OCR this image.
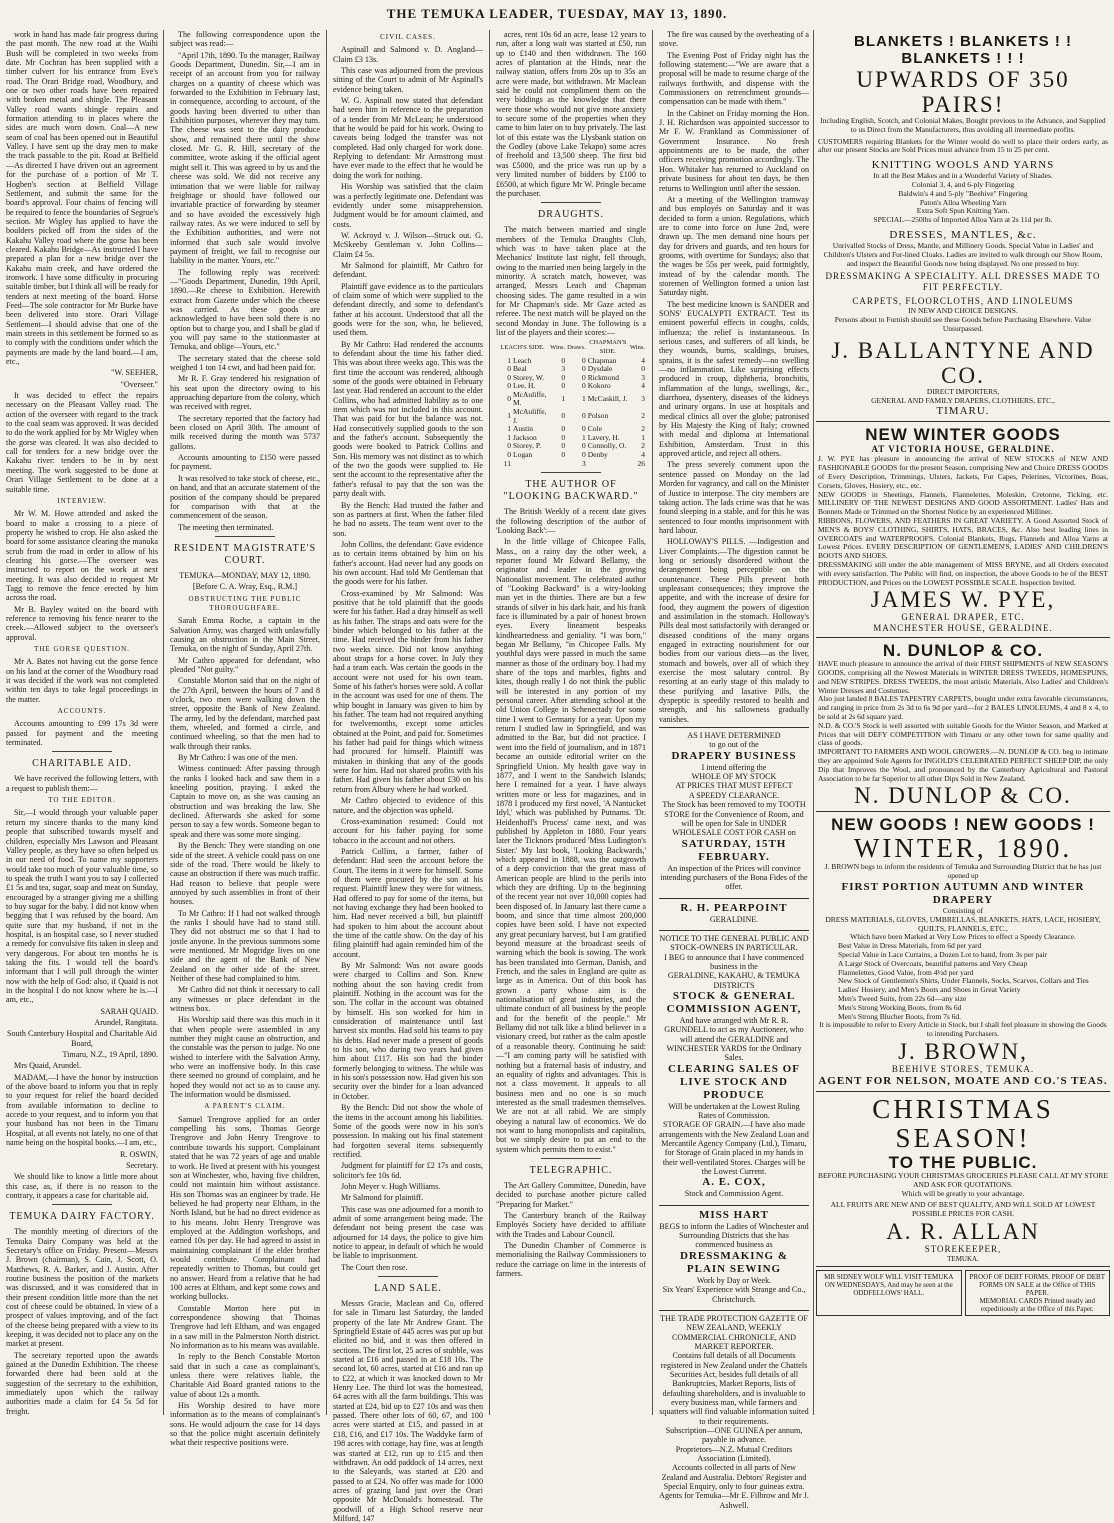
THE TEMUKA LEADER, TUESDAY, MAY 13, 1890.

work in hand has made fair progress during the past month. The new road at the Waihi Bush will be completed in two weeks from date. Mr Cochran has been supplied with a timber culvert for his entrance from Eve's road. The Orari Bridge road, Woodbury, and one or two other roads have been repaired with broken metal and shingle. The Pleasant Valley road wants shingle repairs and formation attending to in places where the sides are much worn down. Coal—A new seam of coal has been opened out in Beautiful Valley. I have sent up the dray men to make the track passable to the pit. Road at Belfield—As directed I have driven out an agreement for the purchase of a portion of Mr T. Hogben's section at Belfield Village Settlement, and submit the same for the board's approval. Four chains of fencing will be required to fence the boundaries of Segrue's section. Mr Wigley has applied to have the boulders picked off from the sides of the Kakahu Valley road where the gorse has been cleared. Kakahu Bridge—As instructed I have prepared a plan for a new bridge over the Kakahu main creek, and have ordered the ironwork. I have some difficulty in procuring suitable timber, but I think all will be ready for tenders at next meeting of the board. Horse Feed—The sole contractor for Mr Burke have been delivered into store. Orari Village Settlement—I should advise that one of the main streets in this settlement be formed so as to comply with the conditions under which the payments are made by the land board.—I am, etc.,

"W. SEEHER,

"Overseer."

It was decided to effect the repairs necessary on the Pleasant Valley road. The action of the overseer with regard to the track to the coal seam was approved. It was decided to do the work applied for by Mr Wigley when the gorse was cleared. It was also decided to call for tenders for a new bridge over the Kakahu river: tenders to be in by next meeting. The work suggested to be done at Orari Village Settlement to be done at a suitable time.

INTERVIEW.

Mr W. M. Howe attended and asked the board to make a crossing to a piece of property he wished to crop. He also asked the board for some assistance clearing the manuka scrub from the road in order to allow of his clearing his gorse.—The overseer was instructed to report on the work at next meeting. It was also decided to request Mr Tagg to remove the fence erected by him across the road.

Mr B. Bayley waited on the board with reference to removing his fence nearer to the creek.—Allowed subject to the overseer's approval.

THE GORSE QUESTION.

Mr A. Bates not having cut the gorse fence on his land at the corner of the Woodbury road it was decided if the work was not completed within ten days to take legal proceedings in the matter.

ACCOUNTS.

Accounts amounting to £99 17s 3d were passed for payment and the meeting terminated.

CHARITABLE AID.

We have received the following letters, with a request to publish them:—

TO THE EDITOR.

Sir,—I would through your valuable paper return my sincere thanks to the many kind people that subscribed towards myself and children, especially Mrs Lawson and Pleasant Valley people, as they have so often helped us in our need of food. To name my supporters would take too much of your valuable time, so to speak the truth I want you to say I collected £1 5s and tea, sugar, soap and meat on Sunday, encouraged by a stranger giving me a shilling to buy sugar for the baby. I did not know when begging that I was refused by the board. Am quite sure that my husband, if not in the hospital, is an hospital case, so I never studied a remedy for convulsive fits taken in sleep and very dangerous. For about ten months he is taking the fits. I would tell the board's informant that I will pull through the winter now with the help of God: also, if Quaid is not in the hospital I do not know where he is.—I am, etc.,

SARAH QUAID.

Arundel, Rangitata.

South Canterbury Hospital and Charitable Aid Board,

Timaru, N.Z., 19 April, 1890.

Mrs Quaid, Arundel.

MADAM,—I have the honor by instruction of the above board to inform you that in reply to your request for relief the board decided from available information to decline to accede to your request, and to inform you that your husband has not been in the Timaru Hospital, at all events not lately, no one of that name being on the hospital books.—I am, etc.,

R. OSWIN,

Secretary.

We should like to know a little more about this case, as, if there is no reason to the contrary, it appears a case for charitable aid.

TEMUKA DAIRY FACTORY.

The monthly meeting of directors of the Temuka Dairy Company was held at the Secretary's office on Friday. Present—Messrs J. Brown (chairman), S. Cain, J. Scott, O. Matthews, R. A. Barker, and J. Austin. After routine business the position of the markets was discussed, and it was considered that in their present condition little more than the net cost of cheese could be obtained. In view of a prospect of values improving, and of the fact of the cheese being prepared with a view to its keeping, it was decided not to place any on the market at present.

The secretary reported upon the awards gained at the Dunedin Exhibition. The cheese forwarded there had been sold at the suggestion of the secretary to the exhibition, immediately upon which the railway authorities made a claim for £4 5s 5d for freight.

The following correspondence upon the subject was read:—

"April 17th, 1890. To the manager, Railway Goods Department, Dunedin. Sir,—I am in receipt of an account from you for railway charges on a quantity of cheese which was forwarded to the Exhibition in February last, in consequence, according to account, of the goods having been diverted to other than Exhibition purposes, wherever they may turn. The cheese was sent to the dairy produce show, and remained there until the show closed. Mr G. R. Hill, secretary of the committee, wrote asking if the official agent might sell it. This was agreed to by us and the cheese was sold. We did not receive any intimation that we were liable for railway freightage or should have followed our invariable practice of forwarding by steamer and so have avoided the excessively high railway rates. As we were induced to sell by the Exhibition authorities, and were not informed that such sale would involve payment of freight, we fail to recognise our liability in the matter. Yours, etc."

The following reply was received:—"Goods Department, Dunedin, 19th April, 1890.—Re cheese to Exhibition. Herewith extract from Gazette under which the cheese was carried. As these goods are acknowledged to have been sold there is no option but to charge you, and I shall be glad if you will pay same to the stationmaster at Temuka, and oblige—Yours, etc."

The secretary stated that the cheese sold weighed 1 ton 14 cwt, and had been paid for.

Mr R. F. Gray tendered his resignation of his seat upon the directory owing to his approaching departure from the colony, which was received with regret.

The secretary reported that the factory had been closed on April 30th. The amount of milk received during the month was 5737 gallons.

Accounts amounting to £150 were passed for payment.

It was resolved to take stock of cheese, etc., on hand, and that an accurate statement of the position of the company should be prepared for comparison with that at the commencement of the season.

The meeting then terminated.

RESIDENT MAGISTRATE'S COURT.

TEMUKA—MONDAY, MAY 12, 1890.

[Before C. A. Wray, Esq., R.M.]

OBSTRUCTING THE PUBLIC THOROUGHFARE.

Sarah Emma Roche, a captain in the Salvation Army, was charged with unlawfully causing an obstruction in the Main Street, Temuka, on the night of Sunday, April 27th.

Mr Cathro appeared for defendant, who pleaded "Not guilty."

Constable Morton said that on the night of the 27th April, between the hours of 7 and 8 o'clock, two men were walking down the street, opposite the Bank of New Zealand. The army, led by the defendant, marched past them, wheeled, and formed a circle, and continued wheeling, so that the men had to walk through their ranks.

By Mr Cathro: I was one of the men.

Witness continued: After passing through the ranks I looked back and saw them in a kneeling position, praying. I asked the Captain to move on, as she was causing an obstruction and was breaking the law. She declined. Afterwards she asked for some person to say a few words. Someone began to speak and there was some more singing.

By the Bench: They were standing on one side of the street. A vehicle could pass on one side of the road. There would be likely to cause an obstruction if there was much traffic. Had reason to believe that people were annoyed by such assemblies in front of their houses.

To Mr Cathro: If I had not walked through the ranks I should have had to stand still. They did not obstruct me so that I had to jostle anyone. In the previous summons some were mentioned. Mr Mogridge lives on one side and the agent of the Bank of New Zealand on the other side of the street. Neither of these had complained to him.

Mr Cathro did not think it necessary to call any witnesses or place defendant in the witness box.

His Worship said there was this much in it that when people were assembled in any number they might cause an obstruction, and the constable was the person to judge. No one wished to interfere with the Salvation Army, who were an inoffensive body. In this case there seemed no ground of complaint, and he hoped they would not act so as to cause any. The information would be dismissed.

A PARENT'S CLAIM.

Samuel Trengrove applied for an order compelling his sons, Thomas George Trengrove and John Henry Trengrove to contribute towards his support. Complainant stated that he was 72 years of age and unable to work. He lived at present with his youngest son at Winchester, who, having five children, could not maintain him without assistance. His son Thomas was an engineer by trade. He believed he had property near Eltham, in the North Island, but he had no direct evidence as to his means. John Henry Trengrove was employed at the Addington workshops, and earned 10s per day. He had agreed to assist in maintaining complainant if the elder brother would contribute. Complainant had repeatedly written to Thomas, but could get no answer. Heard from a relative that he had 100 acres at Eltham, and kept some cows and working bullocks.

Constable Morton here put in correspondence showing that Thomas Trengrove had left Eltham, and was engaged in a saw mill in the Palmerston North district. No information as to his means was available.

In reply to the Bench Constable Morton said that in such a case as complainant's, unless there were relatives liable, the Charitable Aid Board granted rations to the value of about 12s a month.

His Worship desired to have more information as to the means of complainant's sons. He would adjourn the case for 14 days so that the police might ascertain definitely what their respective positions were.

CIVIL CASES.

Aspinall and Salmond v. D. Angland—Claim £3 13s.

This case was adjourned from the previous sitting of the Court to admit of Mr Aspinall's evidence being taken.

W. G. Aspinall now stated that defendant had seen him in reference to the preparation of a tender from Mr McLean; he understood that he would be paid for his work. Owing to caveats being lodged the transfer was not completed. Had only charged for work done. Replying to defendant: Mr Armstrong must have ever made to the effect that he would be doing the work for nothing.

His Worship was satisfied that the claim was a perfectly legitimate one. Defendant was evidently under some misapprehension. Judgment would be for amount claimed, and costs.

W. Ackroyd v. J. Wilson—Struck out. G. McSkeeby Gentleman v. John Collins—Claim £4 5s.

Mr Salmond for plaintiff, Mr Cathro for defendant.

Plaintiff gave evidence as to the particulars of claim some of which were supplied to the defendant directly, and some to defendant's father at his account. Understood that all the goods were for the son, who, he believed, used them.

By Mr Cathro: Had rendered the accounts to defendant about the time his father died. This was about three weeks ago. This was the first time the account was rendered, although some of the goods were obtained in February last year. Had rendered an account to the elder Collins, who had admitted liability as to one item which was not included in this account. That was paid for but the balance was not. Had consecutively supplied goods to the son and the father's account. Subsequently the goods were booked to Patrick Collins and Son. His memory was not distinct as to which of the two the goods were supplied to. He sent the account to the representative after the father's refusal to pay that the son was the party dealt with.

By the Bench: Had trusted the father and son as partners at first. When the father filed he had no assets. The team went over to the son.

John Collins, the defendant: Gave evidence as to certain items obtained by him on his father's account. Had never had any goods on his own account. Had told Mr Gentleman that the goods were for his father.

Cross-examined by Mr Salmond: Was positive that he told plaintiff that the goods were for his father. Had a dray himself as well as his father. The straps and oats were for the binder which belonged to his father at the time. Had received the binder from his father two weeks since. Did not know anything about straps for a horse cover. In July they had a team each. Was certain the goods in the account were not used for his own team. Some of his father's horses were sold. A collar in the account was used for one of them. The whip bought in January was given to him by his father. The team had not required anything for twelvemonths, except some articles obtained at the Point, and paid for. Sometimes his father had paid for things which witness had procured for himself. Plaintiff was mistaken in thinking that any of the goods were for him. Had not shared profits with his father. Had given his father about £30 on his return from Albury where he had worked.

Mr Cathro objected to evidence of this nature, and the objection was upheld.

Cross-examination resumed: Could not account for his father paying for some tobacco in the account and not others.

Patrick Collins, a farmer, father of defendant: Had seen the account before the Court. The items in it were for himself. Some of them were procured by the son at his request. Plaintiff knew they were for witness. Had offered to pay for some of the items, but not having exchange they had been booked to him. Had never received a bill, but plaintiff had spoken to him about the account about the time of the cattle show. On the day of his filing plaintiff had again reminded him of the account.

By Mr Salmond: Was not aware goods were charged to Collins and Son. Knew nothing about the son having credit from plaintiff. Nothing in the account was for the son. The collar in the account was obtained by himself. His son worked for him in consideration of maintenance until last harvest six months. Had sold his teams to pay his debts. Had never made a present of goods to his son, who during two years had given him about £117. His son had the binder formerly belonging to witness. The while was in his son's possession now. Had given his son security over the binder for a loan advanced in October.

By the Bench: Did not show the whole of the items in the account among his liabilities. Some of the goods were now in his son's possession. In making out his final statement had forgotten several items subsequently rectified.

Judgment for plaintiff for £2 17s and costs, solicitor's fee 10s 6d.

John Meyer v. Hugh Williams.

Mr Salmond for plaintiff.

This case was one adjourned for a month to admit of some arrangement being made. The defendant not being present the case was adjourned for 14 days, the police to give him notice to appear, in default of which he would be liable to imprisonment.

The Court then rose.

LAND SALE.

Messrs Gracie, Maclean and Co, offered for sale in Timaru last Saturday, the landed property of the late Mr Andrew Grant. The Springfield Estate of 445 acres was put up but elicited no bid, and it was then offered in sections. The first lot, 25 acres of stubble, was started at £16 and passed in at £18 10s. The second lot, 60 acres, started at £16 and ran up to £22, at which it was knocked down to Mr Henry Lee. The third lot was the homestead, 64 acres with all the farm buildings. This was started at £24, bid up to £27 10s and was then passed. There other lots of 60, 67, and 100 acres were started at £15, and passed in at £18, £16, and £17 10s. The Waddyke farm of 198 acres with cottage, hay fine, was at length was started at £12, run up to £15 and then withdrawn. An odd paddock of 14 acres, next to the Saleyards, was started at £20 and passed to at £24. No offer was made for 1000 acres of grazing land just over the Orari opposite Mr McDonald's homestead. The goodwill of a High School reserve near Milford, 147

acres, rent 10s 6d an acre, lease 12 years to run, after a long wait was started at £50, run up to £140 and then withdrawn. The 160 acres of plantation at the Hinds, near the railway station, offers from 20s up to 35s an acre were made, but withdrawn. Mr Maclean said he could not compliment them on the very biddings as the knowledge that there were those who would not give more anxiety to secure some of the properties when they came to him later on to buy privately. The last lot of this estate was the Llysbank station on the Godley (above Lake Tekapo) some acres of freehold and 13,500 sheep. The first bid was £5000, and the price was run up by a very limited number of bidders by £100 to £6500, at which figure Mr W. Pringle became the purchaser.

DRAUGHTS.

The match between married and single members of the Temuka Draughts Club, which was to have taken place at the Mechanics' Institute last night, fell through, owing to the married men being largely in the minority. A scratch match, however, was arranged, Messrs Leach and Chapman choosing sides. The game resulted in a win for Mr Chapman's side. Mr Gaze acted as referee. The next match will be played on the second Monday in June. The following is a list of the players and their scores:—

LEACH'S SIDE.		Wins.	Draws.	CHAPMAN'S SIDE.	Wins.
1	Leach	0	0	Chapman	4
0	Beal	3	0	Dysdale	0
0	Storey, W.	0	0	Rickmond	3
0	Lee, H.	0	0	Kokoro	4
0	McAuliffe, M.	1	1	McCaskill, J.	3
1	McAuliffe, J.	0	0	Polson	2
1	Austin	0	0	Cole	2
1	Jackson	0	1	Lavery, H.	1
0	Storey, P.	0	0	Connolly, O.	2
0	Logan	0	0	Denby	4
11			3		26
THE AUTHOR OF "LOOKING BACKWARD."

The British Weekly of a recent date gives the following description of the author of 'Looking Back':—

In the little village of Chicopee Falls, Mass., on a rainy day the other week, a reporter found Mr Edward Bellamy, the originator and leader in the growing Nationalist movement. The celebrated author of "Looking Backward" is a wiry-looking man yet in the thirties. There are but a few strands of silver in his dark hair, and his frank face is illuminated by a pair of honest brown eyes. Every lineament bespeaks kindheartedness and geniality. "I was born," began Mr Bellamy, "in Chicopee Falls. My youthful days were passed in much the same manner as those of the ordinary boy. I had my share of the tops and marbles, fights and kites, though really I do not think the public will be interested in any portion of my personal career. After attending school at the old Union College in Schenectady for some time I went to Germany for a year. Upon my return I studied law in Springfield, and was admitted to the Bar, but did not practice. I went into the field of journalism, and in 1871 became an outside editorial writer on the Springfield Union. My health gave way in 1877, and I went to the Sandwich Islands; here I remained for a year. I have always written more or less for magazines, and in 1878 I produced my first novel, 'A Nantucket Idyl,' which was published by Putnams. 'Dr. Heidenhoff's Process' came next, and was published by Appleton in 1880. Four years later the Ticknors produced 'Miss Ludington's Sister.' My last book, 'Looking Backwards,' which appeared in 1888, was the outgrowth of a deep conviction that the great mass of American people are blind to the perils into which they are drifting. Up to the beginning of the recent year not over 10,000 copies had been disposed of. In January last there came a boom, and since that time almost 200,000 copies have been sold. I have not expected any great pecuniary harvest, but I am gratified beyond measure at the broadcast seeds of warning which the book is sowing. The work has been translated into German, Danish, and French, and the sales in England are quite as large as in America. Out of this book has grown a party whose aim is the nationalisation of great industries, and the ultimate conduct of all business by the people and for the benefit of the people." Mr Bellamy did not talk like a blind believer in a visionary creed, but rather as the calm apostle of a reasonable theory. Continuing he said:—"I am coming party will be satisfied with nothing but a fraternal basis of industry, and an equality of rights and advantages. This is not a class movement. It appeals to all business men and no one is so much interested as the small tradesmen themselves. We are not at all rabid. We are simply obeying a natural law of economics. We do not want to hang monopolists and capitalists, but we simply desire to put an end to the system which permits them to exist."

TELEGRAPHIC.

The Art Gallery Committee, Dunedin, have decided to purchase another picture called "Preparing for Market."

The Canterbury branch of the Railway Employés Society have decided to affiliate with the Trades and Labour Council.

The Dunedin Chamber of Commerce is memorialising the Railway Commissioners to reduce the carriage on lime in the interests of farmers.

The fire was caused by the overheating of a stove.

The Evening Post of Friday night has the following statement:—"We are aware that a proposal will be made to resume charge of the railways forthwith, and dispense with the Commissioners on retrenchment grounds—compensation can be made with them."

In the Cabinet on Friday morning the Hon. J. H. Richardson was appointed successor to Mr F. W. Frankland as Commissioner of Government Insurance. No fresh appointments are to be made, the other officers receiving promotion accordingly. The Hon. Whitaker has returned to Auckland on private business for about ten days, he then returns to Wellington until after the session.

At a meeting of the Wellington tramway and bus employés on Saturday and it was decided to form a union. Regulations, which are to come into force on June 2nd, were drawn up. The men demand nine hours per day for drivers and guards, and ten hours for grooms, with overtime for Sundays; also that the wages be 55s per week, paid fortnightly, instead of by the calendar month. The storemen of Wellington formed a union last Saturday night.

The best medicine known is SANDER and SONS' EUCALYPTI EXTRACT. Test its eminent powerful effects in coughs, colds, influenza; the relief is instantaneous. In serious cases, and sufferers of all kinds, be they wounds, burns, scaldings, bruises, sprains, it is the safest remedy—no swelling—no inflammation. Like surprising effects produced in croup, diphtheria, bronchitis, inflammation of the lungs, swellings, &c., diarrhoea, dysentery, diseases of the kidneys and urinary organs. In use at hospitals and medical clinics all over the globe; patronised by His Majesty the King of Italy; crowned with medal and diploma at International Exhibition, Amsterdam. Trust in this approved article, and reject all others.

The press severely comment upon the sentence passed on Monday on the lad Morden for vagrancy, and call on the Minister of Justice to interpose. The city members are taking action. The lads crime was that he was found sleeping in a stable, and for this he was sentenced to four months imprisonment with hard labour.

HOLLOWAY'S PILLS. —Indigestion and Liver Complaints.—The digestion cannot be long or seriously disordered without the derangement being perceptible on the countenance. These Pills prevent both unpleasant consequences; they improve the appetite, and with the increase of desire for food, they augment the powers of digestion and assimilation in the stomach. Holloway's Pills deal most satisfactorily with deranged or diseased conditions of the many organs engaged in extracting nourishment for our bodies from our various diets—as the liver, stomach and bowels, over all of which they exercise the most salutary control. By resorting at an early stage of this malady to these purifying and laxative Pills, the dyspeptic is speedily restored to health and strength, and his sallowness gradually vanishes.

AS I HAVE DETERMINED
to go out of the
DRAPERY BUSINESS
I intend offering the
WHOLE OF MY STOCK
AT PRICES THAT MUST EFFECT
A SPEEDY CLEARANCE.
The Stock has been removed to my TOOTH STORE for the Convenience of Room, and will be open for Sale in UNDER WHOLESALE COST FOR CASH on
SATURDAY, 15TH FEBRUARY.
An inspection of the Prices will convince intending purchasers of the Bona Fides of the offer.
R. H. PEARPOINT
GERALDINE.
NOTICE TO THE GENERAL PUBLIC AND STOCK-OWNERS IN PARTICULAR.
I BEG to announce that I have commenced business in the
GERALDINE, KAKAHU, & TEMUKA DISTRICTS
STOCK & GENERAL COMMISSION AGENT,
And have arranged with Mr R. R. GRUNDELL to act as my Auctioneer, who will attend the GERALDINE and WINCHESTER YARDS for the Ordinary Sales.
CLEARING SALES OF LIVE STOCK AND PRODUCE
Will be undertaken at the Lowest Ruling Rates of Commission.
STORAGE OF GRAIN.—I have also made arrangements with the New Zealand Loan and Mercantile Agency Company (Ltd.), Timaru, for Storage of Grain placed in my hands in their well-ventilated Stores. Charges will be the Lowest Current.
A. E. COX,
Stock and Commission Agent.
MISS HART
BEGS to inform the Ladies of Winchester and Surrounding Districts that she has commenced business as
DRESSMAKING & PLAIN SEWING
Work by Day or Week.
Six Years' Experience with Strange and Co., Christchurch.
THE TRADE PROTECTION GAZETTE OF NEW ZEALAND, WEEKLY COMMERCIAL CHRONICLE, AND MARKET REPORTER.
Contains full details of all Documents registered in New Zealand under the Chattels Securities Act, besides full details of all Bankruptcies, Market Reports, lists of defaulting shareholders, and is invaluable to every business man, while farmers and squatters will find valuable information suited to their requirements.
Subscription—ONE GUINEA per annum, payable in advance.
Proprietors—N.Z. Mutual Creditors Association (Limited).
Accounts collected in all parts of New Zealand and Australia. Debtors' Register and Special Enquiry, only to four guineas extra.
Agents for Temuka—Mr E. Filbrow and Mr J. Ashwell.
BLANKETS ! BLANKETS ! ! BLANKETS ! ! !
UPWARDS OF 350 PAIRS!
Including English, Scotch, and Colonial Makes, Bought previous to the Advance, and Supplied to us Direct from the Manufacturers, thus avoiding all intermediate profits.
CUSTOMERS requiring Blankets for the Winter would do well to place their orders early, as after our present Stocks are Sold Prices must advance from 15 to 25 per cent.
KNITTING WOOLS AND YARNS
In all the Best Makes and in a Wonderful Variety of Shades.
Colonial 3, 4, and 6-ply Fingering
Baldwin's 4 and 5-ply "Beehive" Fingering
Paton's Alloa Wheeling Yarn
Extra Soft Spun Knitting Yarn.
SPECIAL—250lbs of Imported Alloa Yarn at 2s 11d per lb.
DRESSES, MANTLES, &c.
Unrivalled Stocks of Dress, Mantle, and Millinery Goods. Special Value in Ladies' and Children's Ulsters and Fur-lined Cloaks. Ladies are invited to walk through our Show Room, and inspect the Beautiful Goods now being displayed. No one pressed to buy.
DRESSMAKING A SPECIALITY. ALL DRESSES MADE TO FIT PERFECTLY.
CARPETS, FLOORCLOTHS, AND LINOLEUMS
IN NEW AND CHOICE DESIGNS.
Persons about to Furnish should see these Goods before Purchasing Elsewhere. Value Unsurpassed.
J. BALLANTYNE AND CO.
DIRECT IMPORTERS,
GENERAL AND FAMILY DRAPERS, CLOTHIERS, ETC.,
TIMARU.
NEW WINTER GOODS
AT VICTORIA HOUSE, GERALDINE.
J. W. PYE has pleasure in announcing the arrival of NEW STOCKS of NEW AND FASHIONABLE GOODS for the present Season, comprising New and Choice DRESS GOODS of Every Description, Trimmings, Ulsters, Jackets, Fur Capes, Pelerines, Victorines, Boas, Corsets, Gloves, Hosiery, etc., etc.
NEW GOODS in Sheetings, Flannels, Flannelettes, Moleskin, Cretonne, Ticking, etc. MILLINERY OF THE NEWEST DESIGNS AND GOOD ASSORTMENT. Ladies' Hats and Bonnets Made or Trimmed on the Shortest Notice by an experienced Milliner.
RIBBONS, FLOWERS, AND FEATHERS IN GREAT VARIETY. A Good Assorted Stock of MEN'S & BOYS' CLOTHING, SHIRTS, HATS, BRACES, &c. Also best leading lines in OVERCOATS and WATERPROOFS. Colonial Blankets, Rugs, Flannels and Alloa Yarns at Lowest Prices. EVERY DESCRIPTION OF GENTLEMEN'S, LADIES' AND CHILDREN'S BOOTS AND SHOES.
DRESSMAKING still under the able management of MISS BRYNE, and all Orders executed with every satisfaction. The Public will find, on inspection, the above Goods to be of the BEST PRODUCTION, and Prices on the LOWEST POSSIBLE SCALE. Inspection Invited.
JAMES W. PYE,
GENERAL DRAPER, ETC.
MANCHESTER HOUSE, GERALDINE.
N. DUNLOP & CO.
HAVE much pleasure to announce the arrival of their FIRST SHIPMENTS of NEW SEASON'S GOODS, comprising all the Newest Materials in WINTER DRESS TWEEDS, HOMESPUNS, and NEW STRIPES. DRESS TWEEDS, the most artistic Materials, Also Ladies' and Children's Winter Dresses and Costumes.
Also just landed 8 BALES TAPESTRY CARPETS, bought under extra favorable circumstances, and ranging in price from 2s 3d to 6s 9d per yard—for 2 BALES LINOLEUMS, 4 and 8 x 4, to be sold at 2s 6d square yard.
N.D. & CO.'S Stock is well assorted with suitable Goods for the Winter Season, and Marked at Prices that will DEFY COMPETITION with Timaru or any other town for same quality and class of goods.
IMPORTANT TO FARMERS AND WOOL GROWERS.—N. DUNLOP & CO. beg to intimate they are appointed Sole Agents for INGOLD'S CELEBRATED PERFECT SHEEP DIP, the only Dip that Improves the Wool, and pronounced by the Canterbury Agricultural and Pastoral Association to be far Superior to all other Dips Sold in New Zealand.
N. DUNLOP & CO.
NEW GOODS ! NEW GOODS !
WINTER, 1890.
J. BROWN begs to inform the residents of Temuka and Surrounding District that he has just opened up
FIRST PORTION AUTUMN AND WINTER DRAPERY
Consisting of
DRESS MATERIALS, GLOVES, UMBRELLAS, BLANKETS, HATS, LACE, HOSIERY, QUILTS, FLANNELS, ETC.,
Which have been Marked at Very Low Prices to effect a Speedy Clearance.
Best Value in Dress Materials, from 6d per yard
Special Value in Lace Curtains, a Dozen Lot to hand, from 3s per pair
A Large Stock of Overcoats, beautiful patterns and Very Cheap
Flannelettes, Good Value, from 4½d per yard
New Stock of Gentlemen's Shirts, Under Flannels, Socks, Scarves, Collars and Ties
Ladies' Hosiery, and Men's Boots and Shoes in Great Variety
Men's Tweed Suits, from 22s 6d—any size
Men's Strong Working Boots, from 8s 6d
Men's Strong Blucher Boots, from 7s 6d.
It is impossible to refer to Every Article in Stock, but I shall feel pleasure in showing the Goods to intending Purchasers.
J. BROWN,
BEEHIVE STORES, TEMUKA.
AGENT FOR NELSON, MOATE AND CO.'S TEAS.
CHRISTMAS SEASON!
TO THE PUBLIC.
BEFORE PURCHASING YOUR CHRISTMAS GROCERIES PLEASE CALL AT MY STORE AND ASK FOR QUOTATIONS.
Which will be greatly to your advantage.
ALL FRUITS ARE NEW AND OF BEST QUALITY, AND WILL SOLD AT LOWEST POSSIBLE PRICES FOR CASH.
A. R. ALLAN
STOREKEEPER,
TEMUKA.
MR SIDNEY WOLF WILL VISIT TEMUKA ON WEDNESDAYS, And may be seen at the ODDFELLOWS' HALL.
PROOF OF DEBT FORMS. PROOF OF DEBT FORMS ON SALE at the Office of THIS PAPER.
MEMORIAL CARDS Printed neatly and expeditiously at the Office of this Paper.
